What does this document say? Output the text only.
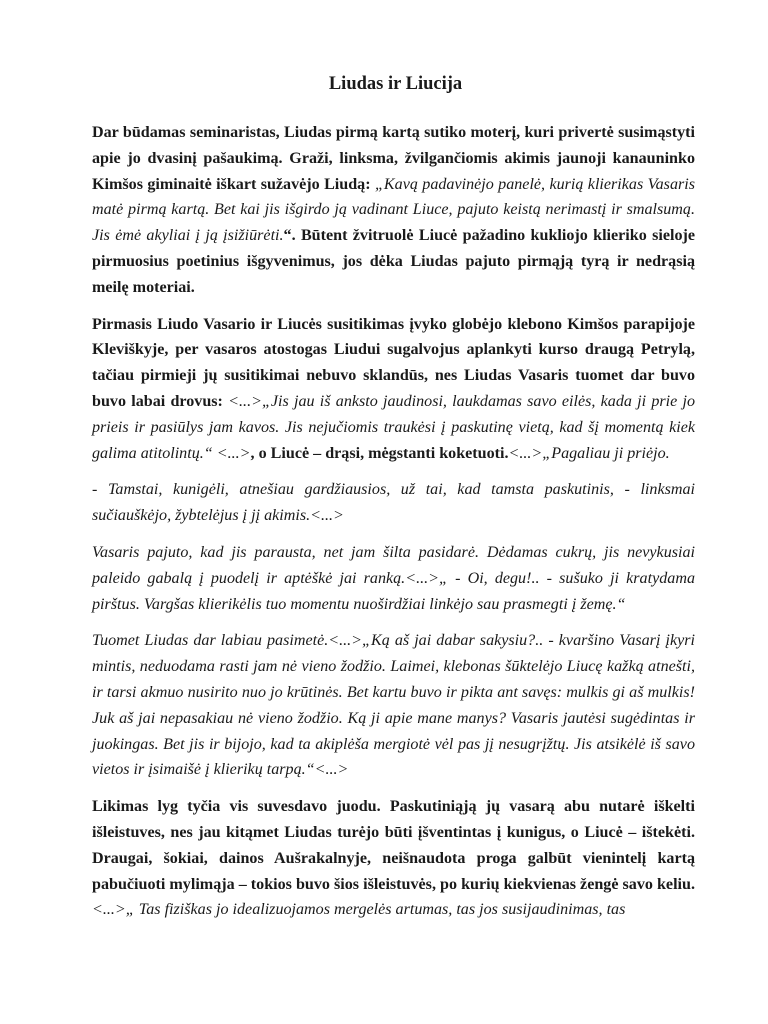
Liudas ir Liucija

Dar būdamas seminaristas, Liudas pirmą kartą sutiko moterį, kuri privertė susimąstyti apie jo dvasinį pašaukimą. Graži, linksma, žvilgančiomis akimis jaunoji kanauninko Kimšos giminaitė iškart sužavėjo Liudą: „Kavą padavinėjo panelė, kurią klierikas Vasaris matė pirmą kartą. Bet kai jis išgirdo ją vadinant Liuce, pajuto keistą nerimastį ir smalsumą. Jis ėmė akyliai į ją įsižiūrėti.“. Būtent žvitruolė Liucė pažadino kukliojo klieriko sieloje pirmuosius poetinius išgyvenimus, jos dėka Liudas pajuto pirmąją tyrą ir nedrąsią meilę moteriai.

Pirmasis Liudo Vasario ir Liucės susitikimas įvyko globėjo klebono Kimšos parapijoje Kleviškyje, per vasaros atostogas Liudui sugalvojus aplankyti kurso draugą Petrylą, tačiau pirmieji jų susitikimai nebuvo sklandūs, nes Liudas Vasaris tuomet dar buvo buvo labai drovus: <...>„Jis jau iš anksto jaudinosi, laukdamas savo eilės, kada ji prie jo prieis ir pasiūlys jam kavos. Jis nejučiomis traukėsi į paskutinę vietą, kad šį momentą kiek galima atitolintų.“ <...>, o Liucė – drąsi, mėgstanti koketuoti.<...>„Pagaliau ji priėjo.

- Tamstai, kunigėli, atnešiau gardžiausios, už tai, kad tamsta paskutinis, - linksmai sučiauškėjo, žybtelėjus į jį akimis.<...>

Vasaris pajuto, kad jis parausta, net jam šilta pasidarė. Dėdamas cukrų, jis nevykusiai paleido gabalą į puodelį ir aptėškė jai ranką.<...>„ - Oi, degu!.. - sušuko ji kratydama pirštus. Vargšas klierikėlis tuo momentu nuoširdžiai linkėjo sau prasmegti į žemę.“

Tuomet Liudas dar labiau pasimetė.<...>„Ką aš jai dabar sakysiu?.. - kvaršino Vasarį įkyri mintis, neduodama rasti jam nė vieno žodžio. Laimei, klebonas šūktelėjo Liucę kažką atnešti, ir tarsi akmuo nusirito nuo jo krūtinės. Bet kartu buvo ir pikta ant savęs: mulkis gi aš mulkis! Juk aš jai nepasakiau nė vieno žodžio. Ką ji apie mane manys? Vasaris jautėsi sugėdintas ir juokingas. Bet jis ir bijojo, kad ta akiplėša mergiotė vėl pas jį nesugrįžtų. Jis atsikėlė iš savo vietos ir įsimaišė į klierikų tarpą.“<...>

Likimas lyg tyčia vis suvesdavo juodu. Paskutiniąją jų vasarą abu nutarė iškelti išleistuves, nes jau kitąmet Liudas turėjo būti įšventintas į kunigus, o Liucė – ištekėti. Draugai, šokiai, dainos Aušrakalnyje, neišnaudota proga galbūt vienintelį kartą pabučiuoti mylimąja – tokios buvo šios išleistuvės, po kurių kiekvienas žengė savo keliu. <...>„ Tas fiziškas jo idealizuojamos mergelės artumas, tas jos susijaudinimas, tas
